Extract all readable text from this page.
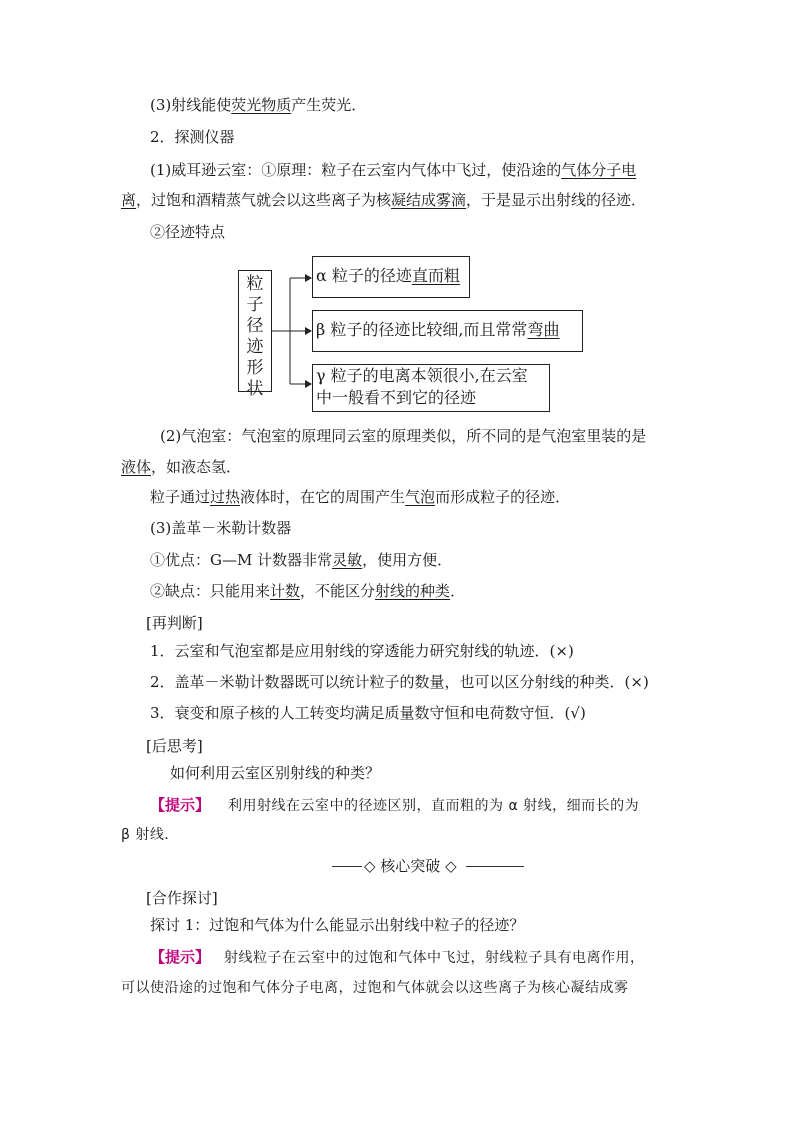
(3)射线能使荧光物质产生荧光．
2．探测仪器
(1)威耳逊云室：①原理：粒子在云室内气体中飞过，使沿途的气体分子电
离，过饱和酒精蒸气就会以这些离子为核凝结成雾滴，于是显示出射线的径迹．
②径迹特点
粒
子
径
迹
形
状
α 粒子的径迹直而粗
β 粒子的径迹比较细,而且常常弯曲
γ 粒子的电离本领很小,在云室
中一般看不到它的径迹
(2)气泡室：气泡室的原理同云室的原理类似，所不同的是气泡室里装的是
液体，如液态氢．
粒子通过过热液体时，在它的周围产生气泡而形成粒子的径迹．
(3)盖革－米勒计数器
①优点：G—M 计数器非常灵敏，使用方便．
②缺点：只能用来计数，不能区分射线的种类．
[再判断]
1．云室和气泡室都是应用射线的穿透能力研究射线的轨迹．(×)
2．盖革－米勒计数器既可以统计粒子的数量，也可以区分射线的种类．(×)
3．衰变和原子核的人工转变均满足质量数守恒和电荷数守恒．(√)
[后思考]
如何利用云室区别射线的种类？
【提示】 利用射线在云室中的径迹区别，直而粗的为 α 射线，细而长的为
β 射线．
◇ 核心突破 ◇
[合作探讨]
探讨 1：过饱和气体为什么能显示出射线中粒子的径迹？
【提示】 射线粒子在云室中的过饱和气体中飞过，射线粒子具有电离作用，
可以使沿途的过饱和气体分子电离，过饱和气体就会以这些离子为核心凝结成雾
